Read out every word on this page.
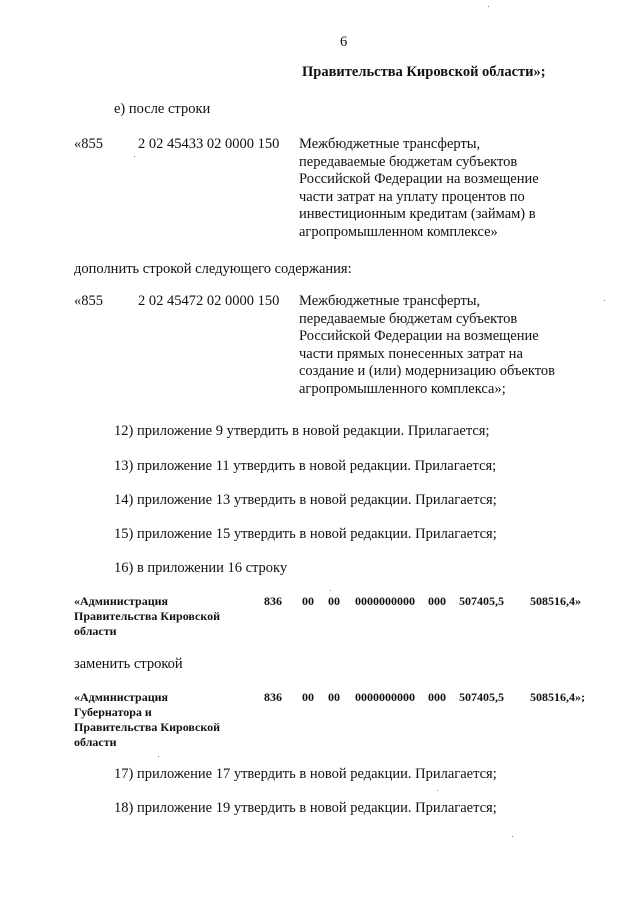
6
Правительства Кировской области»;
е) после строки
«855 2 02 45433 02 0000 150 Межбюджетные трансферты,
передаваемые бюджетам субъектов
Российской Федерации на возмещение
части затрат на уплату процентов по
инвестиционным кредитам (займам) в
агропромышленном комплексе»
дополнить строкой следующего содержания:
«855 2 02 45472 02 0000 150 Межбюджетные трансферты,
передаваемые бюджетам субъектов
Российской Федерации на возмещение
части прямых понесенных затрат на
создание и (или) модернизацию объектов
агропромышленного комплекса»;
12) приложение 9 утвердить в новой редакции. Прилагается;
13) приложение 11 утвердить в новой редакции. Прилагается;
14) приложение 13 утвердить в новой редакции. Прилагается;
15) приложение 15 утвердить в новой редакции. Прилагается;
16) в приложении 16 строку
«Администрация
Правительства Кировской
области
836 00 00 0000000000 000 507405,5 508516,4»
заменить строкой
«Администрация
Губернатора и
Правительства Кировской
области
836 00 00 0000000000 000 507405,5 508516,4»;
17) приложение 17 утвердить в новой редакции. Прилагается;
18) приложение 19 утвердить в новой редакции. Прилагается;
